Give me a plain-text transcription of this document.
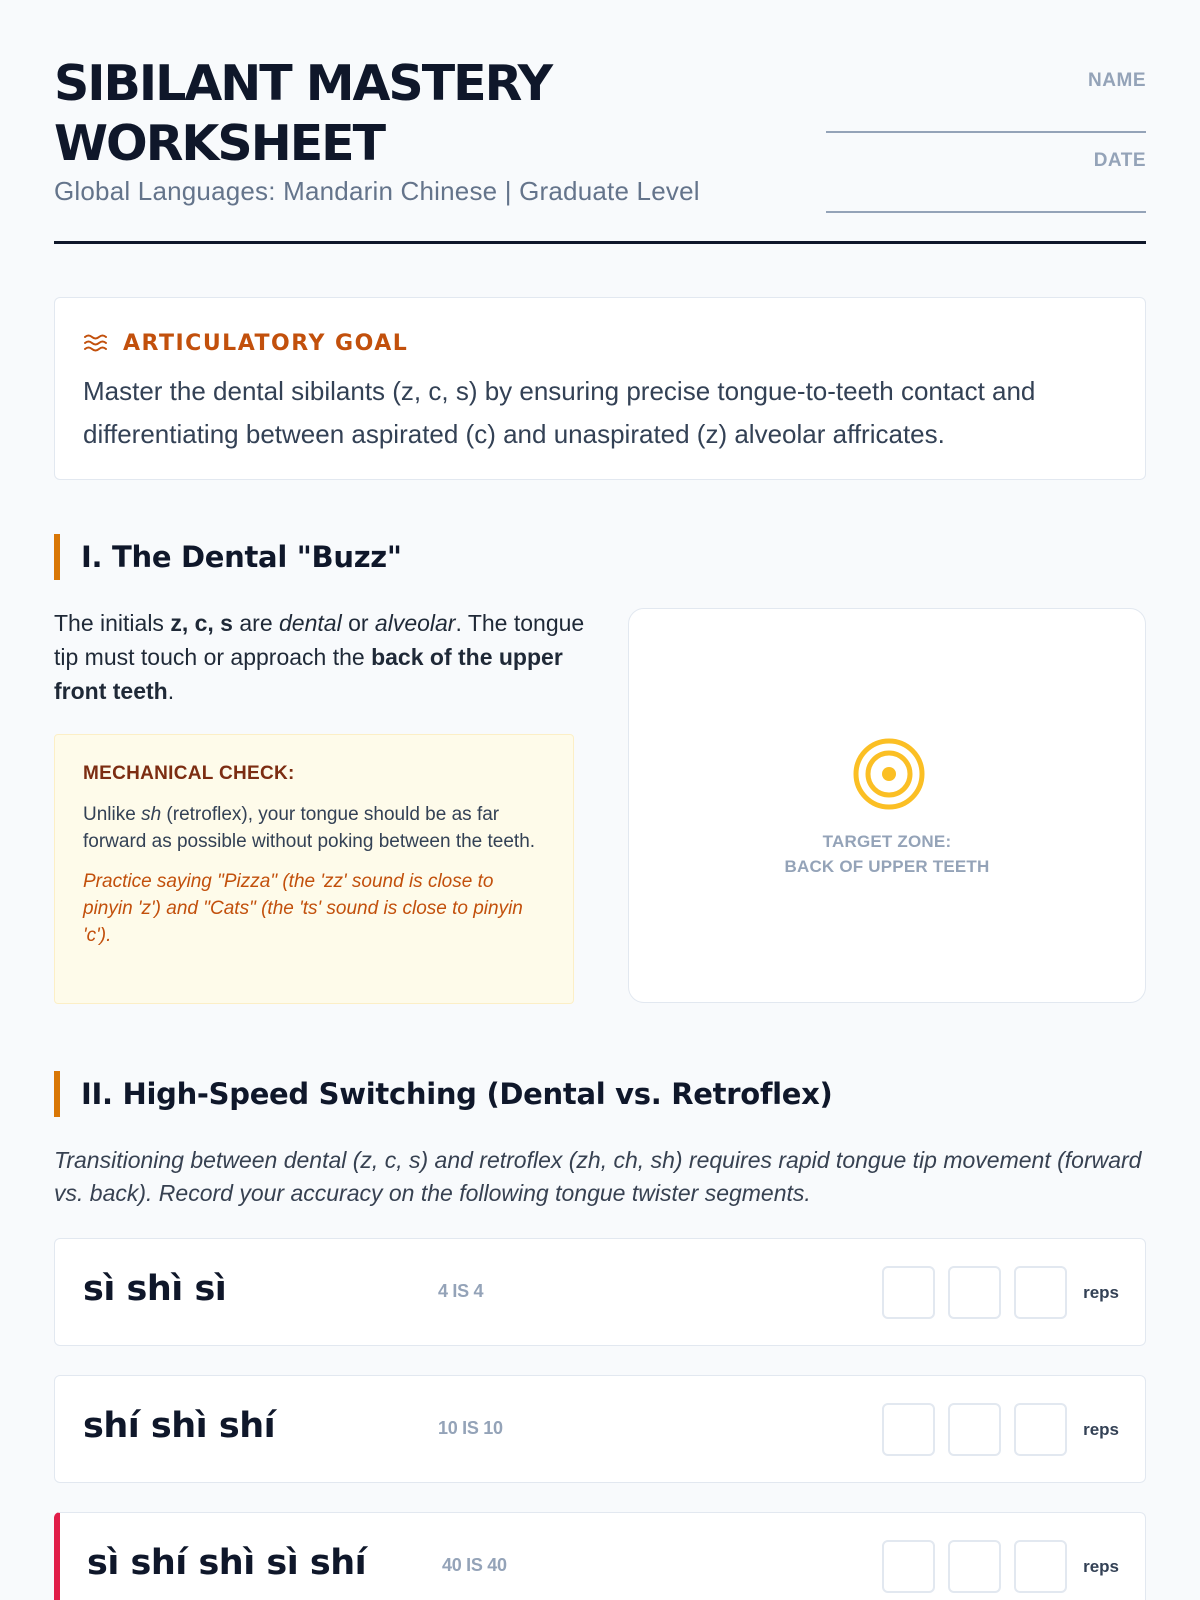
SIBILANT MASTERY
WORKSHEET
Global Languages: Mandarin Chinese | Graduate Level
NAME
DATE
ARTICULATORY GOAL
Master the dental sibilants (z, c, s) by ensuring precise tongue-to-teeth contact and differentiating between aspirated (c) and unaspirated (z) alveolar affricates.
I. The Dental "Buzz"
The initials z, c, s are dental or alveolar. The tongue tip must touch or approach the back of the upper front teeth.
MECHANICAL CHECK:
Unlike sh (retroflex), your tongue should be as far forward as possible without poking between the teeth.
Practice saying "Pizza" (the 'zz' sound is close to pinyin 'z') and "Cats" (the 'ts' sound is close to pinyin 'c').
TARGET ZONE:
BACK OF UPPER TEETH
II. High-Speed Switching (Dental vs. Retroflex)
Transitioning between dental (z, c, s) and retroflex (zh, ch, sh) requires rapid tongue tip movement (forward vs. back). Record your accuracy on the following tongue twister segments.
sì shì sì	4 IS 4	reps
shí shì shí	10 IS 10	reps
sì shí shì sì shí	40 IS 40	reps
